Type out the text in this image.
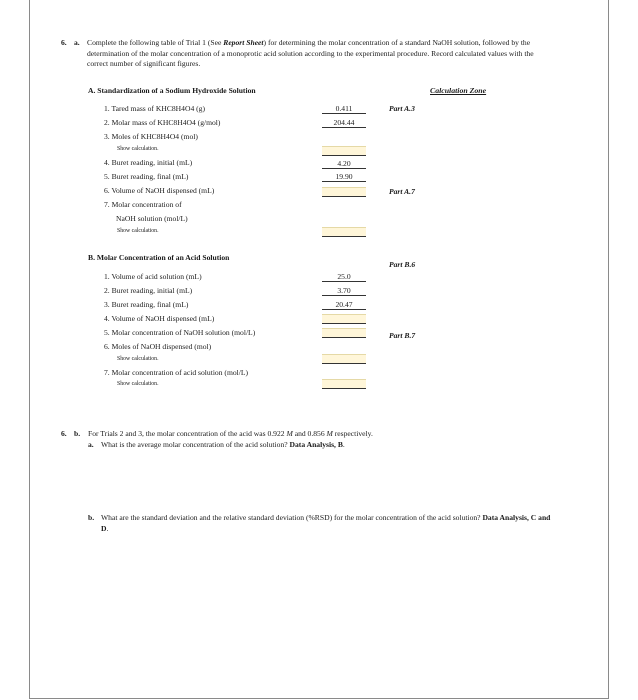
6. a. Complete the following table of Trial 1 (See Report Sheet) for determining the molar concentration of a standard NaOH solution, followed by the determination of the molar concentration of a monoprotic acid solution according to the experimental procedure. Record calculated values with the correct number of significant figures.
Calculation Zone
A. Standardization of a Sodium Hydroxide Solution
1. Tared mass of KHC8H4O4 (g)
2. Molar mass of KHC8H4O4 (g/mol)
3. Moles of KHC8H4O4 (mol)
Show calculation.
4. Buret reading, initial (mL)
5. Buret reading, final (mL)
6. Volume of NaOH dispensed (mL)
7. Molar concentration of
NaOH solution (mol/L)
Show calculation.
0.411
204.44
4.20
19.90
Part A.3
Part A.7
B. Molar Concentration of an Acid Solution
Part B.6
1. Volume of acid solution (mL)
2. Buret reading, initial (mL)
3. Buret reading, final (mL)
4. Volume of NaOH dispensed (mL)
5. Molar concentration of NaOH solution (mol/L)
6. Moles of NaOH dispensed (mol)
Show calculation.
7. Molar concentration of acid solution (mol/L)
Show calculation.
25.0
3.70
20.47
Part B.7
6. b. For Trials 2 and 3, the molar concentration of the acid was 0.922 M and 0.856 M respectively.
a. What is the average molar concentration of the acid solution? Data Analysis, B.
b. What are the standard deviation and the relative standard deviation (%RSD) for the molar concentration of the acid solution? Data Analysis, C and D.
